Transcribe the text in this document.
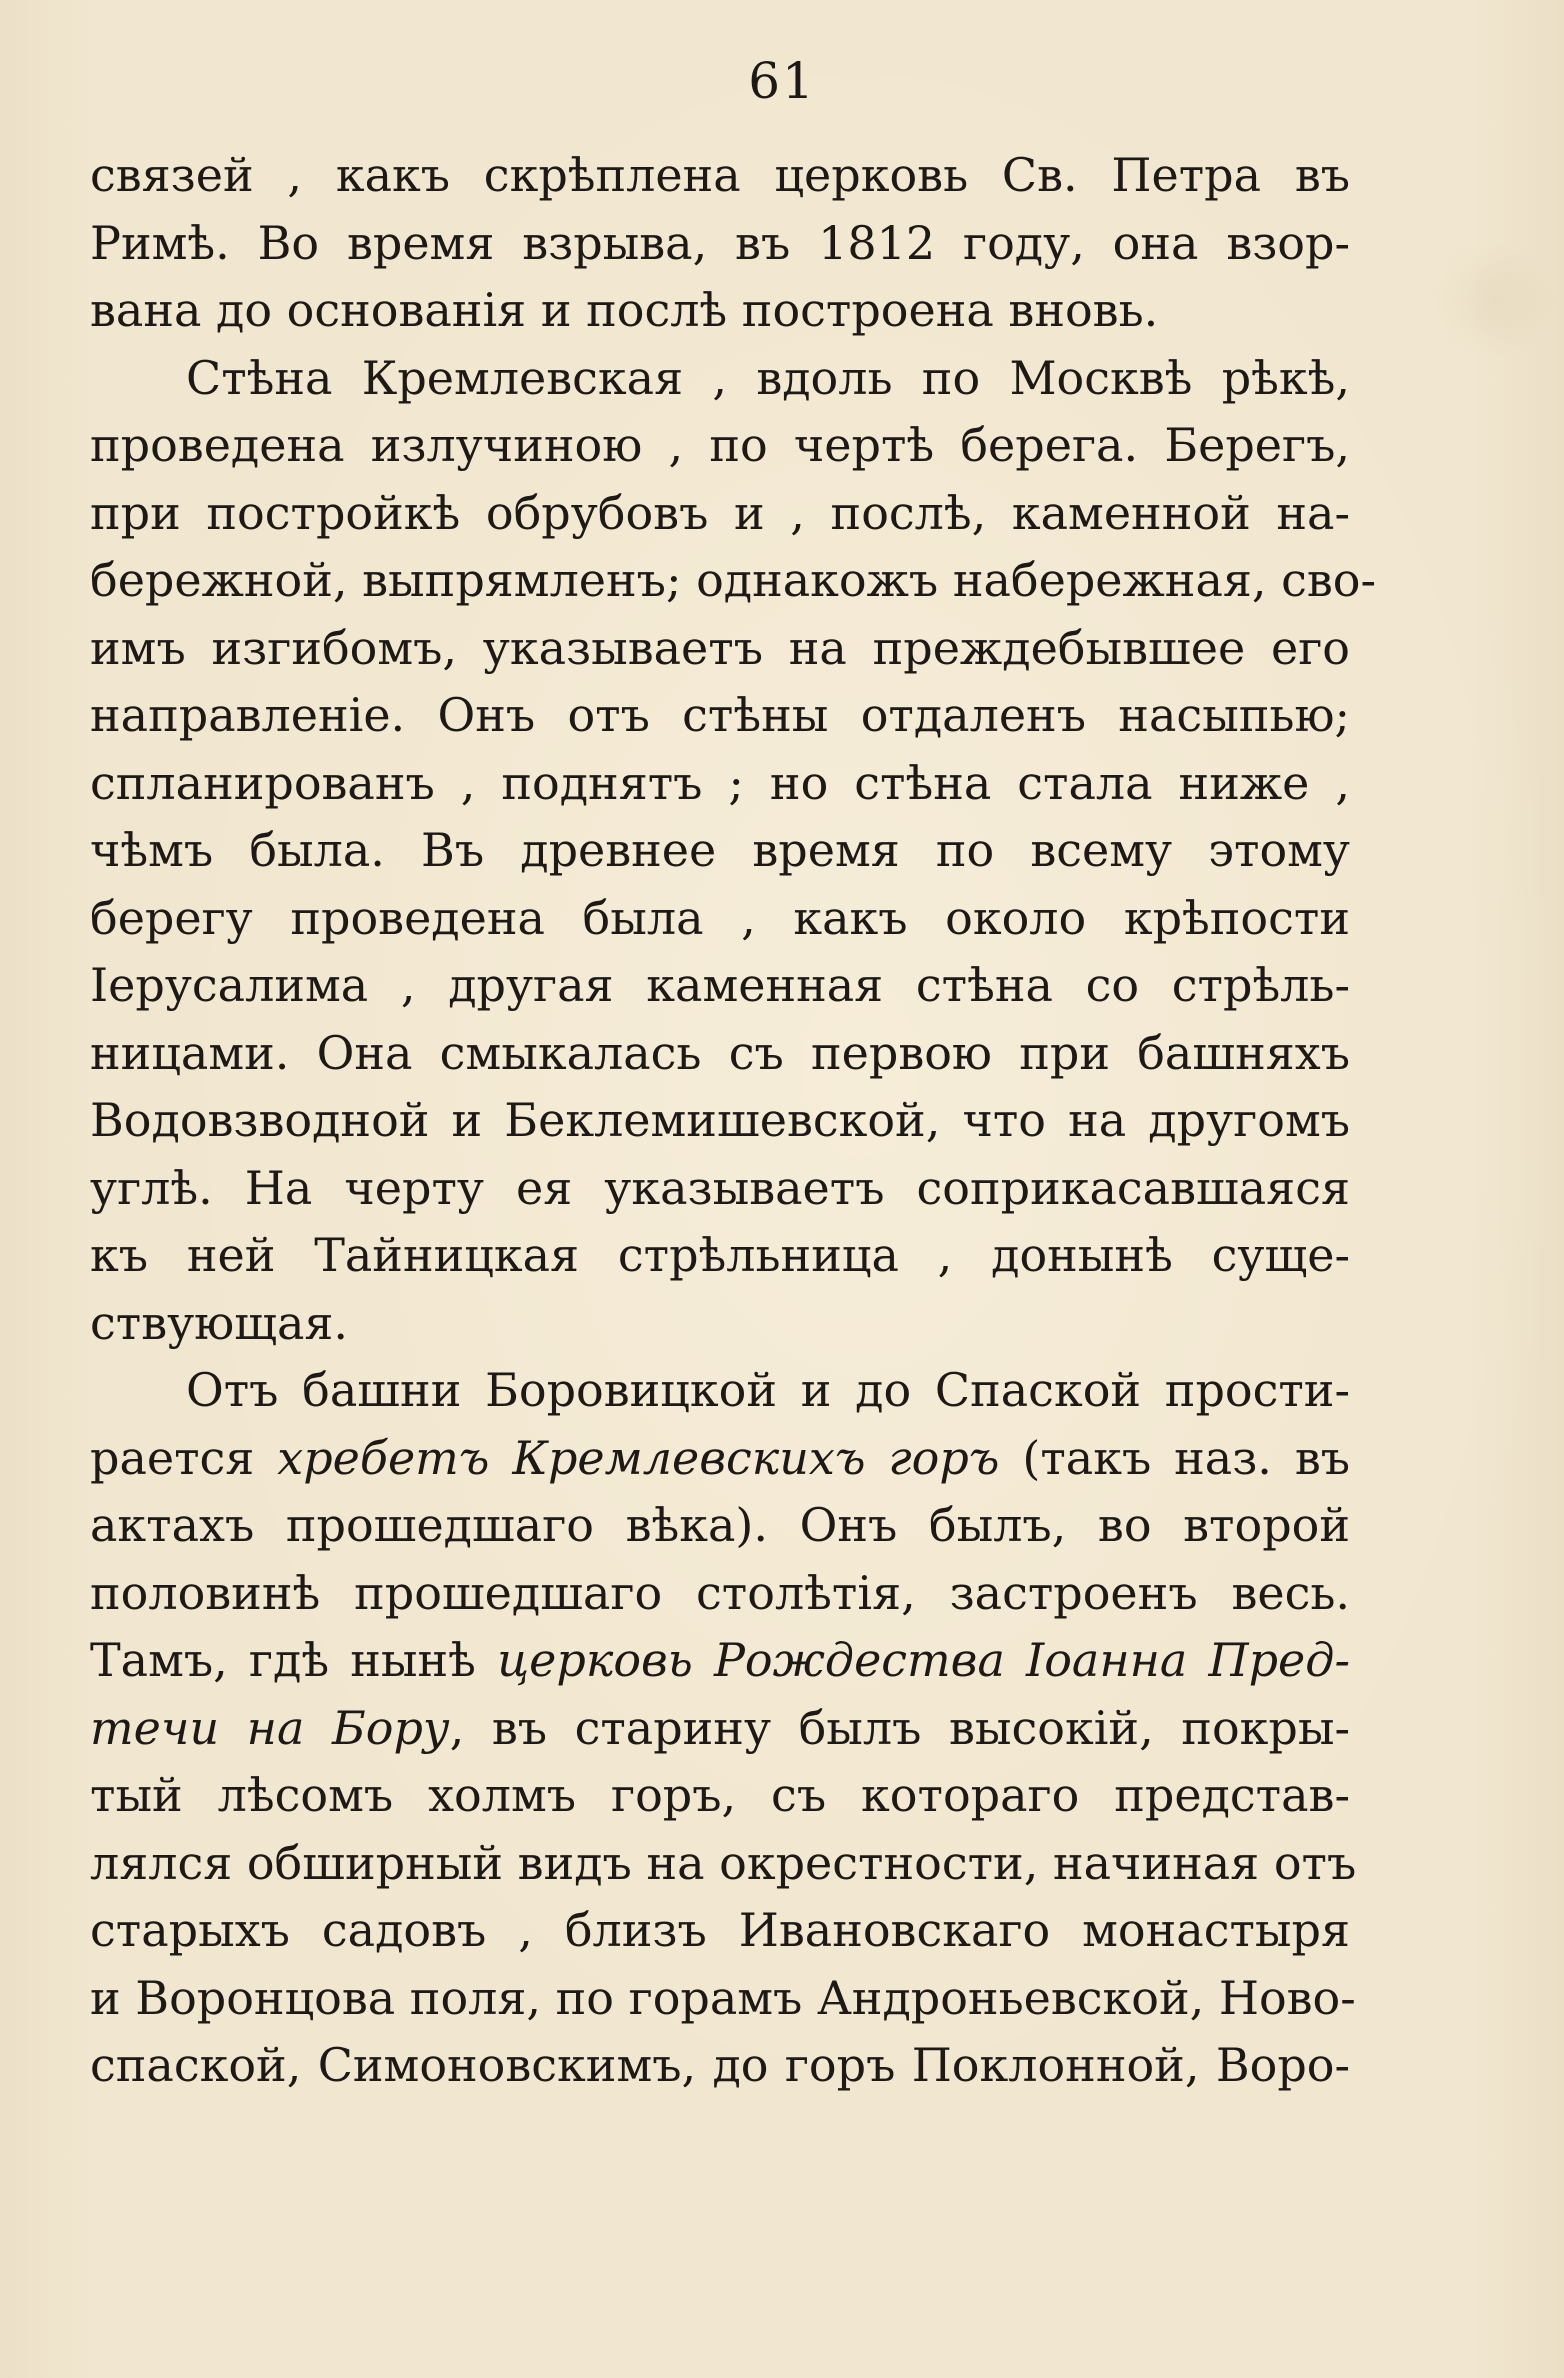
61
связей , какъ скрѣплена церковь Св. Петра въ
Римѣ. Во время взрыва, въ 1812 году, она взор-
вана до основанія и послѣ построена вновь.
Стѣна Кремлевская , вдоль по Москвѣ рѣкѣ,
проведена излучиною , по чертѣ берега. Берегъ,
при постройкѣ обрубовъ и , послѣ, каменной на-
бережной, выпрямленъ; однакожъ набережная, сво-
имъ изгибомъ, указываетъ на преждебывшее его
направленіе. Онъ отъ стѣны отдаленъ насыпью;
спланированъ , поднятъ ; но стѣна стала ниже ,
чѣмъ была. Въ древнее время по всему этому
берегу проведена была , какъ около крѣпости
Іерусалима , другая каменная стѣна со стрѣль-
ницами. Она смыкалась съ первою при башняхъ
Водовзводной и Беклемишевской, что на другомъ
углѣ. На черту ея указываетъ соприкасавшаяся
къ ней Тайницкая стрѣльница , донынѣ суще-
ствующая.
Отъ башни Боровицкой и до Спаской прости-
рается хребетъ Кремлевскихъ горъ (такъ наз. въ
актахъ прошедшаго вѣка). Онъ былъ, во второй
половинѣ прошедшаго столѣтія, застроенъ весь.
Тамъ, гдѣ нынѣ церковь Рождества Іоанна Пред-
течи на Бору, въ старину былъ высокій, покры-
тый лѣсомъ холмъ горъ, съ котораго представ-
лялся обширный видъ на окрестности, начиная отъ
старыхъ садовъ , близъ Ивановскаго монастыря
и Воронцова поля, по горамъ Андроньевской, Ново-
спаской, Симоновскимъ, до горъ Поклонной, Воро-
